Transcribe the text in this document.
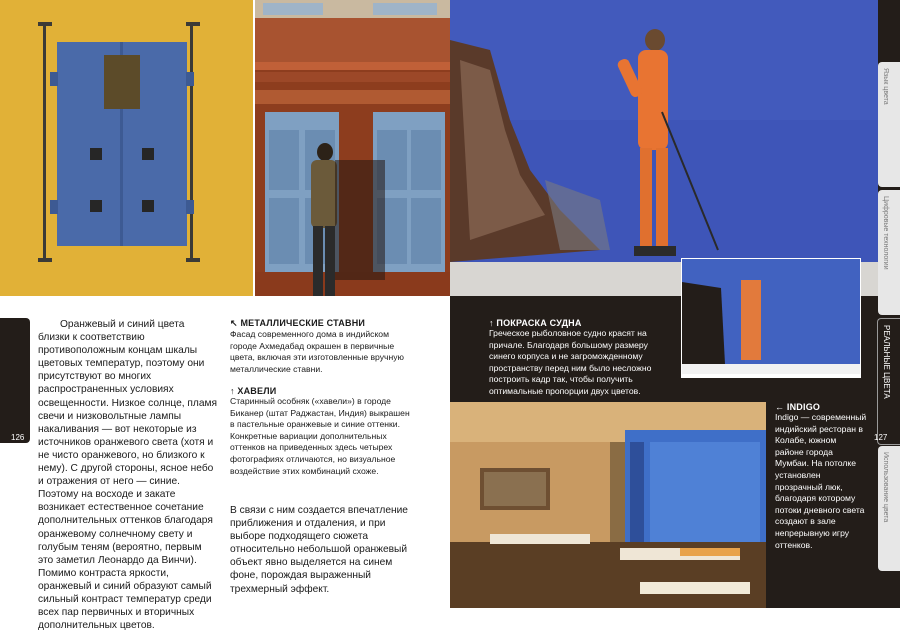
Оранжевый и синий цвета близки к соответствию противоположным концам шкалы цветовых температур, поэтому они присутствуют во многих распространенных условиях освещенности. Низкое солнце, пламя свечи и низковольтные лампы накаливания — вот некоторые из источников оранжевого света (хотя и не чисто оранжевого, но близкого к нему). С другой стороны, ясное небо и отражения от него — синие. Поэтому на восходе и закате возникает естественное сочетание дополнительных оттенков благодаря оранжевому солнечному свету и голубым теням (вероятно, первым это заметил Леонардо да Винчи). Помимо контраста яркости, оранжевый и синий образуют самый сильный контраст температур среди всех пар первичных и вторичных дополнительных цветов.
126
↖ МЕТАЛЛИЧЕСКИЕ СТАВНИ
Фасад современного дома в индийском городе Ахмедабад окрашен в первичные цвета, включая эти изготовленные вручную металлические ставни.
↑ ХАВЕЛИ
Старинный особняк («хавели») в городе Биканер (штат Раджастан, Индия) выкрашен в пастельные оранжевые и синие оттенки. Конкретные вариации дополнительных оттенков на приведенных здесь четырех фотографиях отличаются, но визуальное воздействие этих комбинаций схоже.
В связи с ним создается впечатление приближения и отдаления, и при выборе подходящего сюжета относительно небольшой оранжевый объект явно выделяется на синем фоне, порождая выраженный трехмерный эффект.
↑ ПОКРАСКА СУДНА
Греческое рыболовное судно красят на причале. Благодаря большому размеру синего корпуса и не загроможденному пространству перед ним было несложно построить кадр так, чтобы получить оптимальные пропорции двух цветов.
← INDIGO
Indigo — современный индийский ресторан в Колабе, южном районе города Мумбаи. На потолке установлен прозрачный люк, благодаря которому потоки дневного света создают в зале непрерывную игру оттенков.
Язык цвета
Цифровые технологии
РЕАЛЬНЫЕ ЦВЕТА
Использование цвета
127
